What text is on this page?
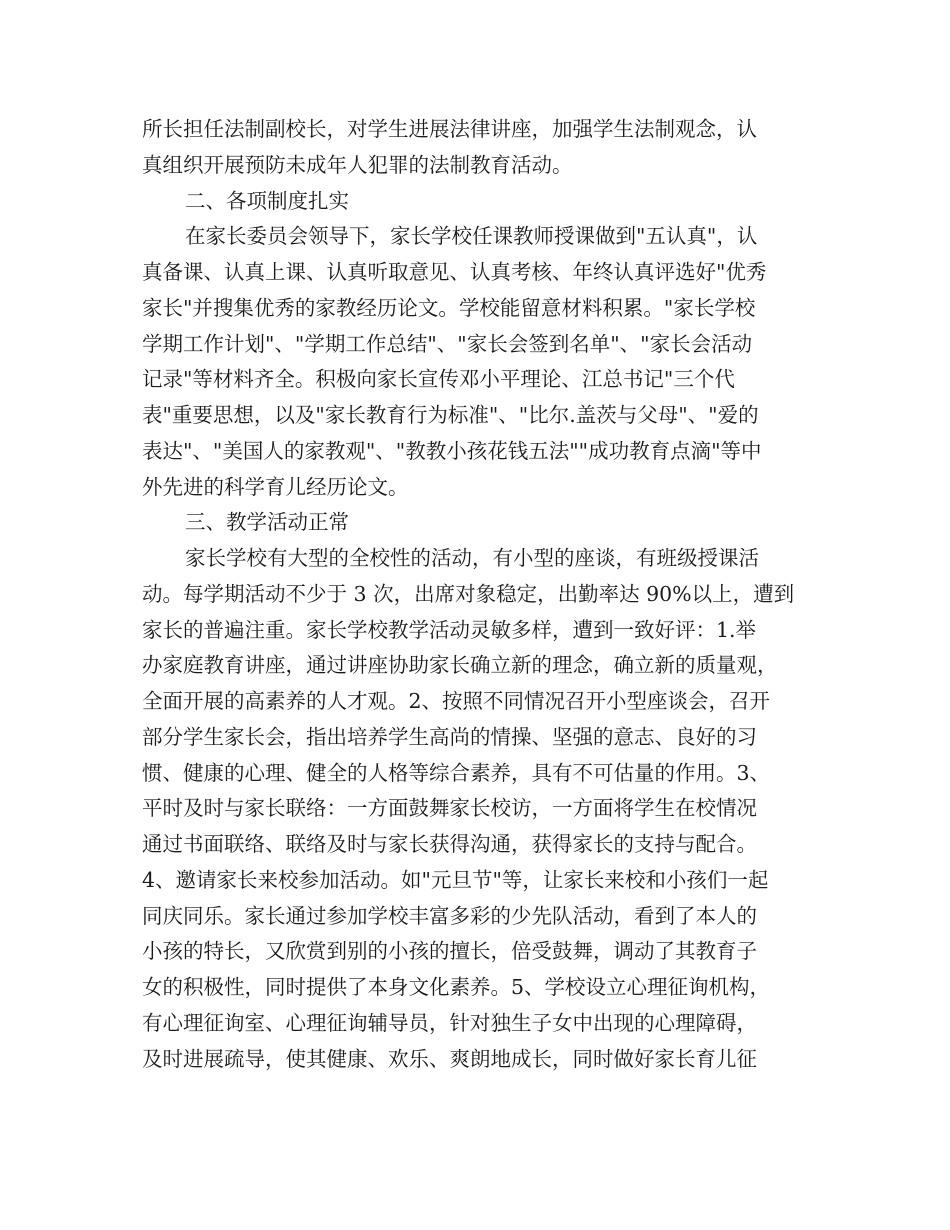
所长担任法制副校长，对学生进展法律讲座，加强学生法制观念，认
真组织开展预防未成年人犯罪的法制教育活动。
二、各项制度扎实
在家长委员会领导下，家长学校任课教师授课做到"五认真"，认
真备课、认真上课、认真听取意见、认真考核、年终认真评选好"优秀
家长"并搜集优秀的家教经历论文。学校能留意材料积累。"家长学校
学期工作计划"、"学期工作总结"、"家长会签到名单"、"家长会活动
记录"等材料齐全。积极向家长宣传邓小平理论、江总书记"三个代
表"重要思想，以及"家长教育行为标准"、"比尔.盖茨与父母"、"爱的
表达"、"美国人的家教观"、"教教小孩花钱五法""成功教育点滴"等中
外先进的科学育儿经历论文。
三、教学活动正常
家长学校有大型的全校性的活动，有小型的座谈，有班级授课活
动。每学期活动不少于 3 次，出席对象稳定，出勤率达 90%以上，遭到
家长的普遍注重。家长学校教学活动灵敏多样，遭到一致好评：1.举
办家庭教育讲座，通过讲座协助家长确立新的理念，确立新的质量观，
全面开展的高素养的人才观。2、按照不同情况召开小型座谈会，召开
部分学生家长会，指出培养学生高尚的情操、坚强的意志、良好的习
惯、健康的心理、健全的人格等综合素养，具有不可估量的作用。3、
平时及时与家长联络：一方面鼓舞家长校访，一方面将学生在校情况
通过书面联络、联络及时与家长获得沟通，获得家长的支持与配合。
4、邀请家长来校参加活动。如"元旦节"等，让家长来校和小孩们一起
同庆同乐。家长通过参加学校丰富多彩的少先队活动，看到了本人的
小孩的特长，又欣赏到别的小孩的擅长，倍受鼓舞，调动了其教育子
女的积极性，同时提供了本身文化素养。5、学校设立心理征询机构，
有心理征询室、心理征询辅导员，针对独生子女中出现的心理障碍，
及时进展疏导，使其健康、欢乐、爽朗地成长，同时做好家长育儿征
